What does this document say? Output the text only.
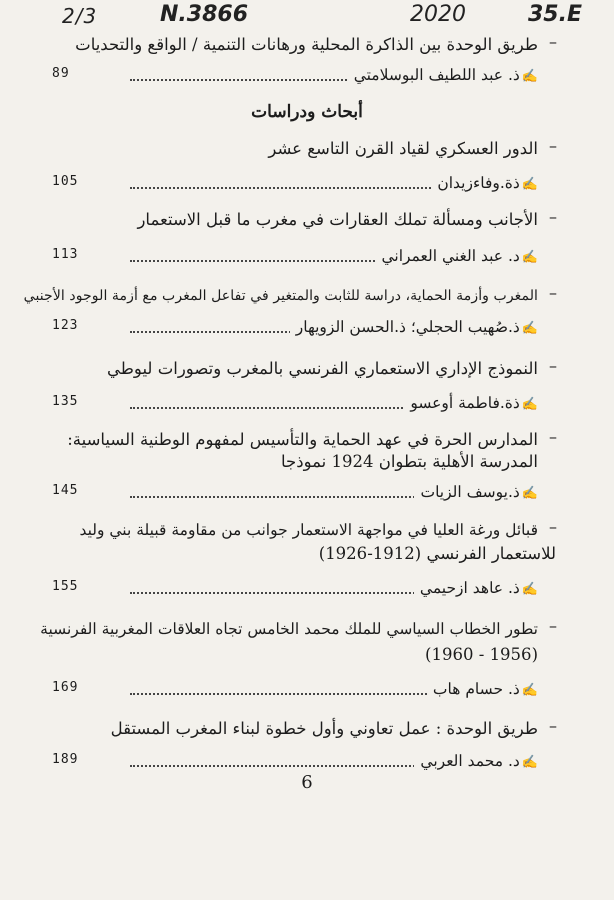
2/3	N.3866	2020	35.E
–
طريق الوحدة بين الذاكرة المحلية ورهانات التنمية / الواقع والتحديات
✍ذ. عبد اللطيف البوسلامتي
89
أبحاث ودراسات
–
الدور العسكري لقياد القرن التاسع عشر
✍ذة.وفاءزيدان
105
–
الأجانب ومسألة تملك العقارات في مغرب ما قبل الاستعمار
✍د. عبد الغني العمراني
113
–
المغرب وأزمة الحماية، دراسة للثابت والمتغير في تفاعل المغرب مع أزمة الوجود الأجنبي
✍ذ.صُهيب الحجلي؛ ذ.الحسن الزويهار
123
–
النموذج الإداري الاستعماري الفرنسي بالمغرب وتصورات ليوطي
✍ذة.فاطمة أوعسو
135
–
المدارس الحرة في عهد الحماية والتأسيس لمفهوم الوطنية السياسية:
المدرسة الأهلية بتطوان 1924 نموذجا
✍ذ.يوسف الزيات
145
–
قبائل ورغة العليا في مواجهة الاستعمار جوانب من مقاومة قبيلة بني وليد
للاستعمار الفرنسي (1912-1926)
✍ذ. عاهد ازحيمي
155
–
تطور الخطاب السياسي للملك محمد الخامس تجاه العلاقات المغربية الفرنسية
(1956 - 1960)
✍ذ. حسام هاب
169
–
طريق الوحدة : عمل تعاوني وأول خطوة لبناء المغرب المستقل
✍د. محمد العربي
189
6
